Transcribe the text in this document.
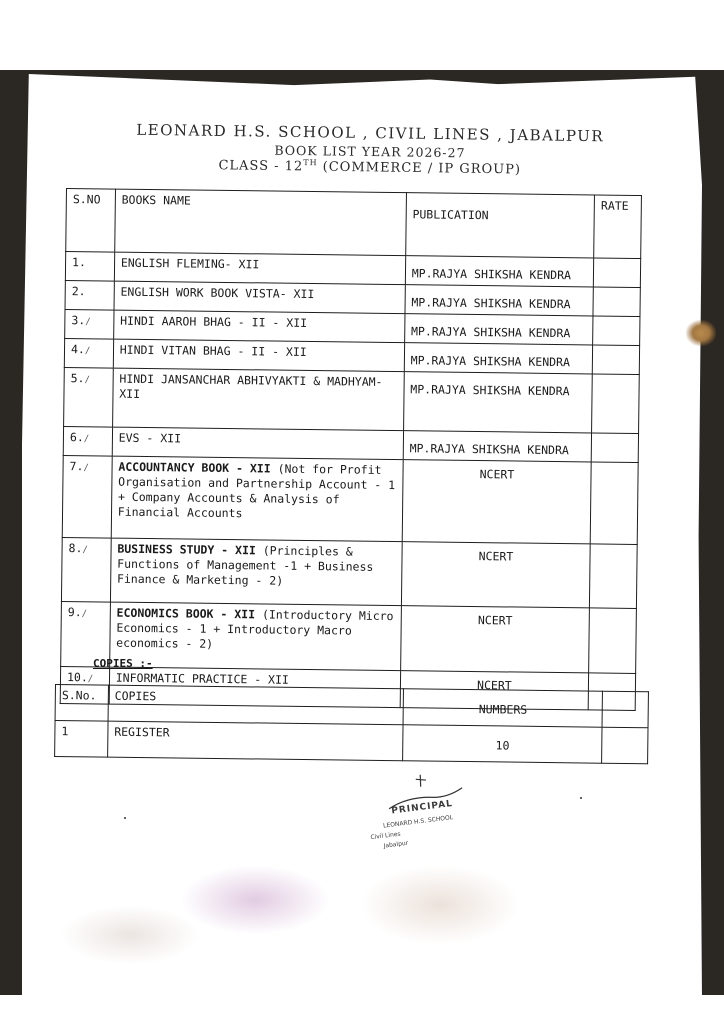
LEONARD H.S. SCHOOL , CIVIL LINES , JABALPUR
BOOK LIST YEAR 2026-27
CLASS - 12TH (COMMERCE / IP GROUP)
S.NO	BOOKS NAME	PUBLICATION	RATE
1.	ENGLISH FLEMING- XII	MP.RAJYA SHIKSHA KENDRA	
2.	ENGLISH WORK BOOK VISTA- XII	MP.RAJYA SHIKSHA KENDRA	
3.∕	HINDI AAROH BHAG - II - XII	MP.RAJYA SHIKSHA KENDRA	
4.∕	HINDI VITAN BHAG - II - XII	MP.RAJYA SHIKSHA KENDRA	
5.∕	HINDI JANSANCHAR ABHIVYAKTI & MADHYAM- XII	MP.RAJYA SHIKSHA KENDRA	
6.∕	EVS - XII	MP.RAJYA SHIKSHA KENDRA	
7.∕	ACCOUNTANCY BOOK - XII (Not for Profit Organisation and Partnership Account - 1 + Company Accounts & Analysis of Financial Accounts	NCERT	
8.∕	BUSINESS STUDY - XII (Principles & Functions of Management -1 + Business Finance & Marketing - 2)	NCERT	
9.∕	ECONOMICS BOOK - XII (Introductory Micro Economics - 1 + Introductory Macro economics - 2)	NCERT	
10.∕	INFORMATIC PRACTICE - XII	NCERT	
COPIES :-
S.No.	COPIES	NUMBERS	
1	REGISTER	10	
PRINCIPAL
LEONARD H.S. SCHOOL
Civil Lines
Jabalpur
